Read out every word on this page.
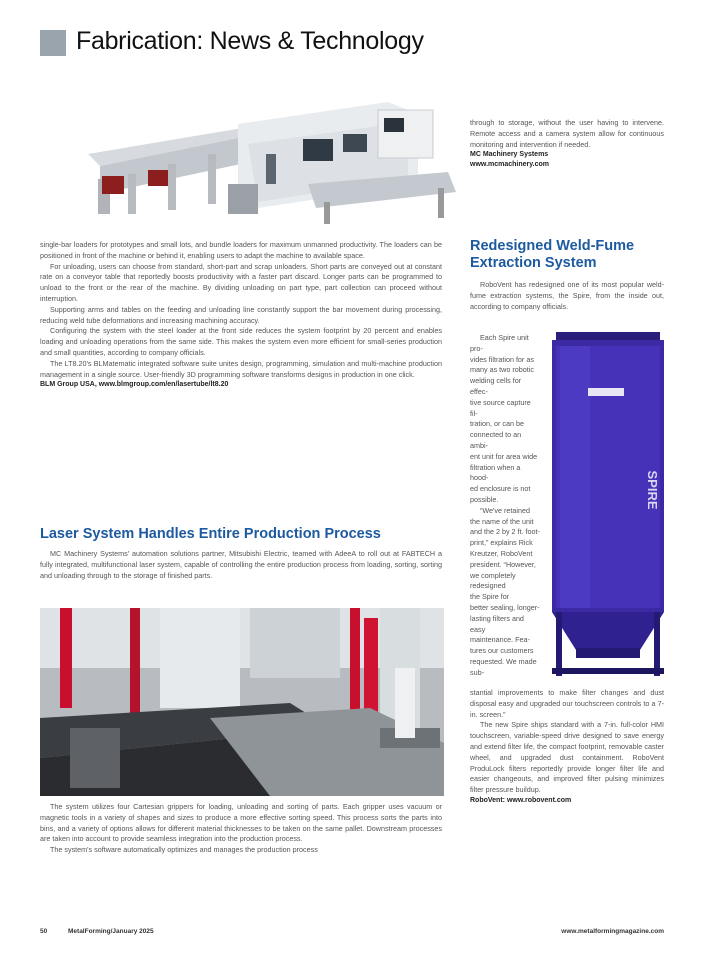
Fabrication: News & Technology

single-bar loaders for prototypes and small lots, and bundle loaders for maximum unmanned productivity. The loaders can be positioned in front of the machine or behind it, enabling users to adapt the machine to available space.

For unloading, users can choose from standard, short-part and scrap unloaders. Short parts are conveyed out at constant rate on a conveyor table that reportedly boosts productivity with a faster part discard. Longer parts can be programmed to unload to the front or the rear of the machine. By dividing unloading on part type, part collection can proceed without interruption.

Supporting arms and tables on the feeding and unloading line constantly support the bar movement during processing, reducing weld tube deformations and increasing machining accuracy.

Configuring the system with the steel loader at the front side reduces the system footprint by 20 percent and enables loading and unloading operations from the same side. This makes the system even more efficient for small-series production and small quantities, according to company officials.

The LT8.20's BLMatematic integrated software suite unites design, programming, simulation and multi-machine production management in a single source. User-friendly 3D programming software transforms designs in production in one click.

BLM Group USA, www.blmgroup.com/en/lasertube/lt8.20
Laser System Handles Entire Production Process

MC Machinery Systems' automation solutions partner, Mitsubishi Electric, teamed with AdeeA to roll out at FABTECH a fully integrated, multifunctional laser system, capable of controlling the entire production process from loading, sorting, sorting and unloading through to the storage of finished parts.

The system utilizes four Cartesian grippers for loading, unloading and sorting of parts. Each gripper uses vacuum or magnetic tools in a variety of shapes and sizes to produce a more effective sorting speed. This process sorts the parts into bins, and a variety of options allows for different material thicknesses to be taken on the same pallet. Downstream processes are taken into account to provide seamless integration into the production process.

The system's software automatically optimizes and manages the production process

through to storage, without the user having to intervene. Remote access and a camera system allow for continuous monitoring and intervention if needed.

MC Machinery Systems
www.mcmachinery.com
Redesigned Weld-Fume Extraction System

RoboVent has redesigned one of its most popular weld-fume extraction systems, the Spire, from the inside out, according to company officials.

Each Spire unit pro-
vides filtration for as
many as two robotic
welding cells for effec-
tive source capture fil-
tration, or can be
connected to an ambi-
ent unit for area wide
filtration when a hood-
ed enclosure is not
possible.
“We've retained
the name of the unit
and the 2 by 2 ft. foot-
print,” explains Rick
Kreutzer, RoboVent
president. “However,
we completely redesigned
the Spire for
better sealing, longer-
lasting filters and easy
maintenance. Fea-
tures our customers
requested. We made sub-
SPIRE

stantial improvements to make filter changes and dust disposal easy and upgraded our touchscreen controls to a 7-in. screen.”

The new Spire ships standard with a 7-in. full-color HMI touchscreen, variable-speed drive designed to save energy and extend filter life, the compact footprint, removable caster wheel, and upgraded dust containment. RoboVent ProduLock filters reportedly provide longer filter life and easier changeouts, and improved filter pulsing minimizes filter pressure buildup.

RoboVent: www.robovent.com
50	MetalForming/January 2025	www.metalformingmagazine.com
